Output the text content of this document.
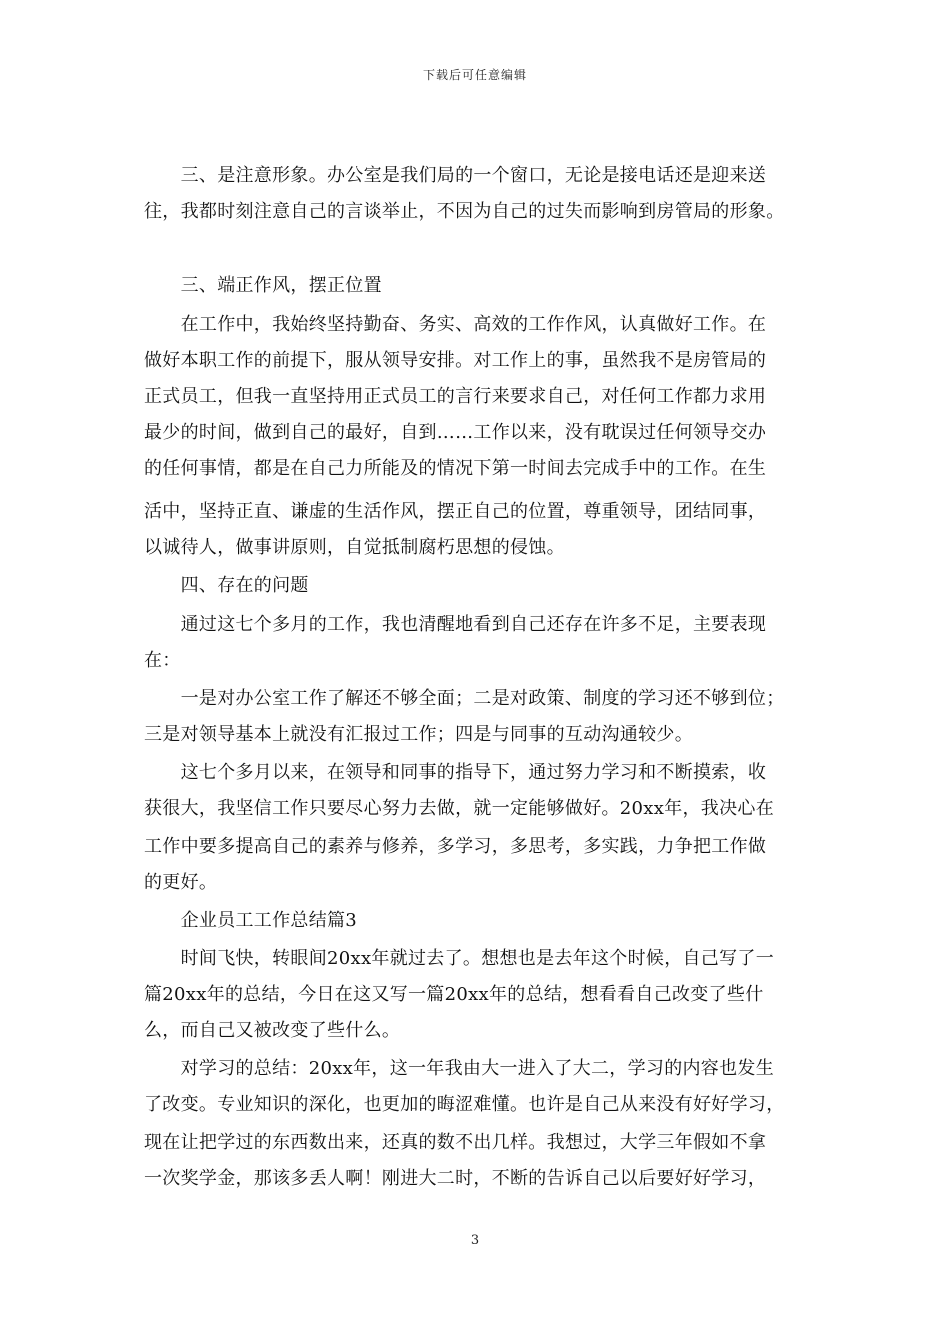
下载后可任意编辑
　　三、是注意形象。办公室是我们局的一个窗口，无论是接电话还是迎来送
往，我都时刻注意自己的言谈举止，不因为自己的过失而影响到房管局的形象。
　　三、端正作风，摆正位置
　　在工作中，我始终坚持勤奋、务实、高效的工作作风，认真做好工作。在
做好本职工作的前提下，服从领导安排。对工作上的事，虽然我不是房管局的
正式员工，但我一直坚持用正式员工的言行来要求自己，对任何工作都力求用
最少的时间，做到自己的最好，自到……工作以来，没有耽误过任何领导交办
的任何事情，都是在自己力所能及的情况下第一时间去完成手中的工作。在生
活中，坚持正直、谦虚的生活作风，摆正自己的位置，尊重领导，团结同事，
以诚待人，做事讲原则，自觉抵制腐朽思想的侵蚀。
　　四、存在的问题
　　通过这七个多月的工作，我也清醒地看到自己还存在许多不足，主要表现
在：
　　一是对办公室工作了解还不够全面；二是对政策、制度的学习还不够到位；
三是对领导基本上就没有汇报过工作；四是与同事的互动沟通较少。
　　这七个多月以来，在领导和同事的指导下，通过努力学习和不断摸索，收
获很大，我坚信工作只要尽心努力去做，就一定能够做好。20xx年，我决心在
工作中要多提高自己的素养与修养，多学习，多思考，多实践，力争把工作做
的更好。
　　企业员工工作总结篇3
　　时间飞快，转眼间20xx年就过去了。想想也是去年这个时候，自己写了一
篇20xx年的总结，今日在这又写一篇20xx年的总结，想看看自己改变了些什
么，而自己又被改变了些什么。
　　对学习的总结：20xx年，这一年我由大一进入了大二，学习的内容也发生
了改变。专业知识的深化，也更加的晦涩难懂。也许是自己从来没有好好学习，
现在让把学过的东西数出来，还真的数不出几样。我想过，大学三年假如不拿
一次奖学金，那该多丢人啊！刚进大二时，不断的告诉自己以后要好好学习，
3
